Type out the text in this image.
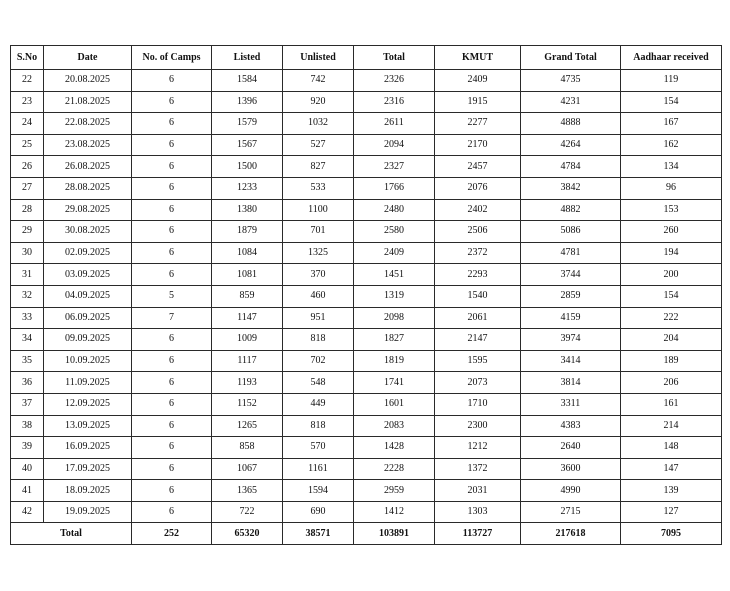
S.No	Date	No. of Camps	Listed	Unlisted	Total	KMUT	Grand Total	Aadhaar received
22	20.08.2025	6	1584	742	2326	2409	4735	119
23	21.08.2025	6	1396	920	2316	1915	4231	154
24	22.08.2025	6	1579	1032	2611	2277	4888	167
25	23.08.2025	6	1567	527	2094	2170	4264	162
26	26.08.2025	6	1500	827	2327	2457	4784	134
27	28.08.2025	6	1233	533	1766	2076	3842	96
28	29.08.2025	6	1380	1100	2480	2402	4882	153
29	30.08.2025	6	1879	701	2580	2506	5086	260
30	02.09.2025	6	1084	1325	2409	2372	4781	194
31	03.09.2025	6	1081	370	1451	2293	3744	200
32	04.09.2025	5	859	460	1319	1540	2859	154
33	06.09.2025	7	1147	951	2098	2061	4159	222
34	09.09.2025	6	1009	818	1827	2147	3974	204
35	10.09.2025	6	1117	702	1819	1595	3414	189
36	11.09.2025	6	1193	548	1741	2073	3814	206
37	12.09.2025	6	1152	449	1601	1710	3311	161
38	13.09.2025	6	1265	818	2083	2300	4383	214
39	16.09.2025	6	858	570	1428	1212	2640	148
40	17.09.2025	6	1067	1161	2228	1372	3600	147
41	18.09.2025	6	1365	1594	2959	2031	4990	139
42	19.09.2025	6	722	690	1412	1303	2715	127
Total		252	65320	38571	103891	113727	217618	7095
